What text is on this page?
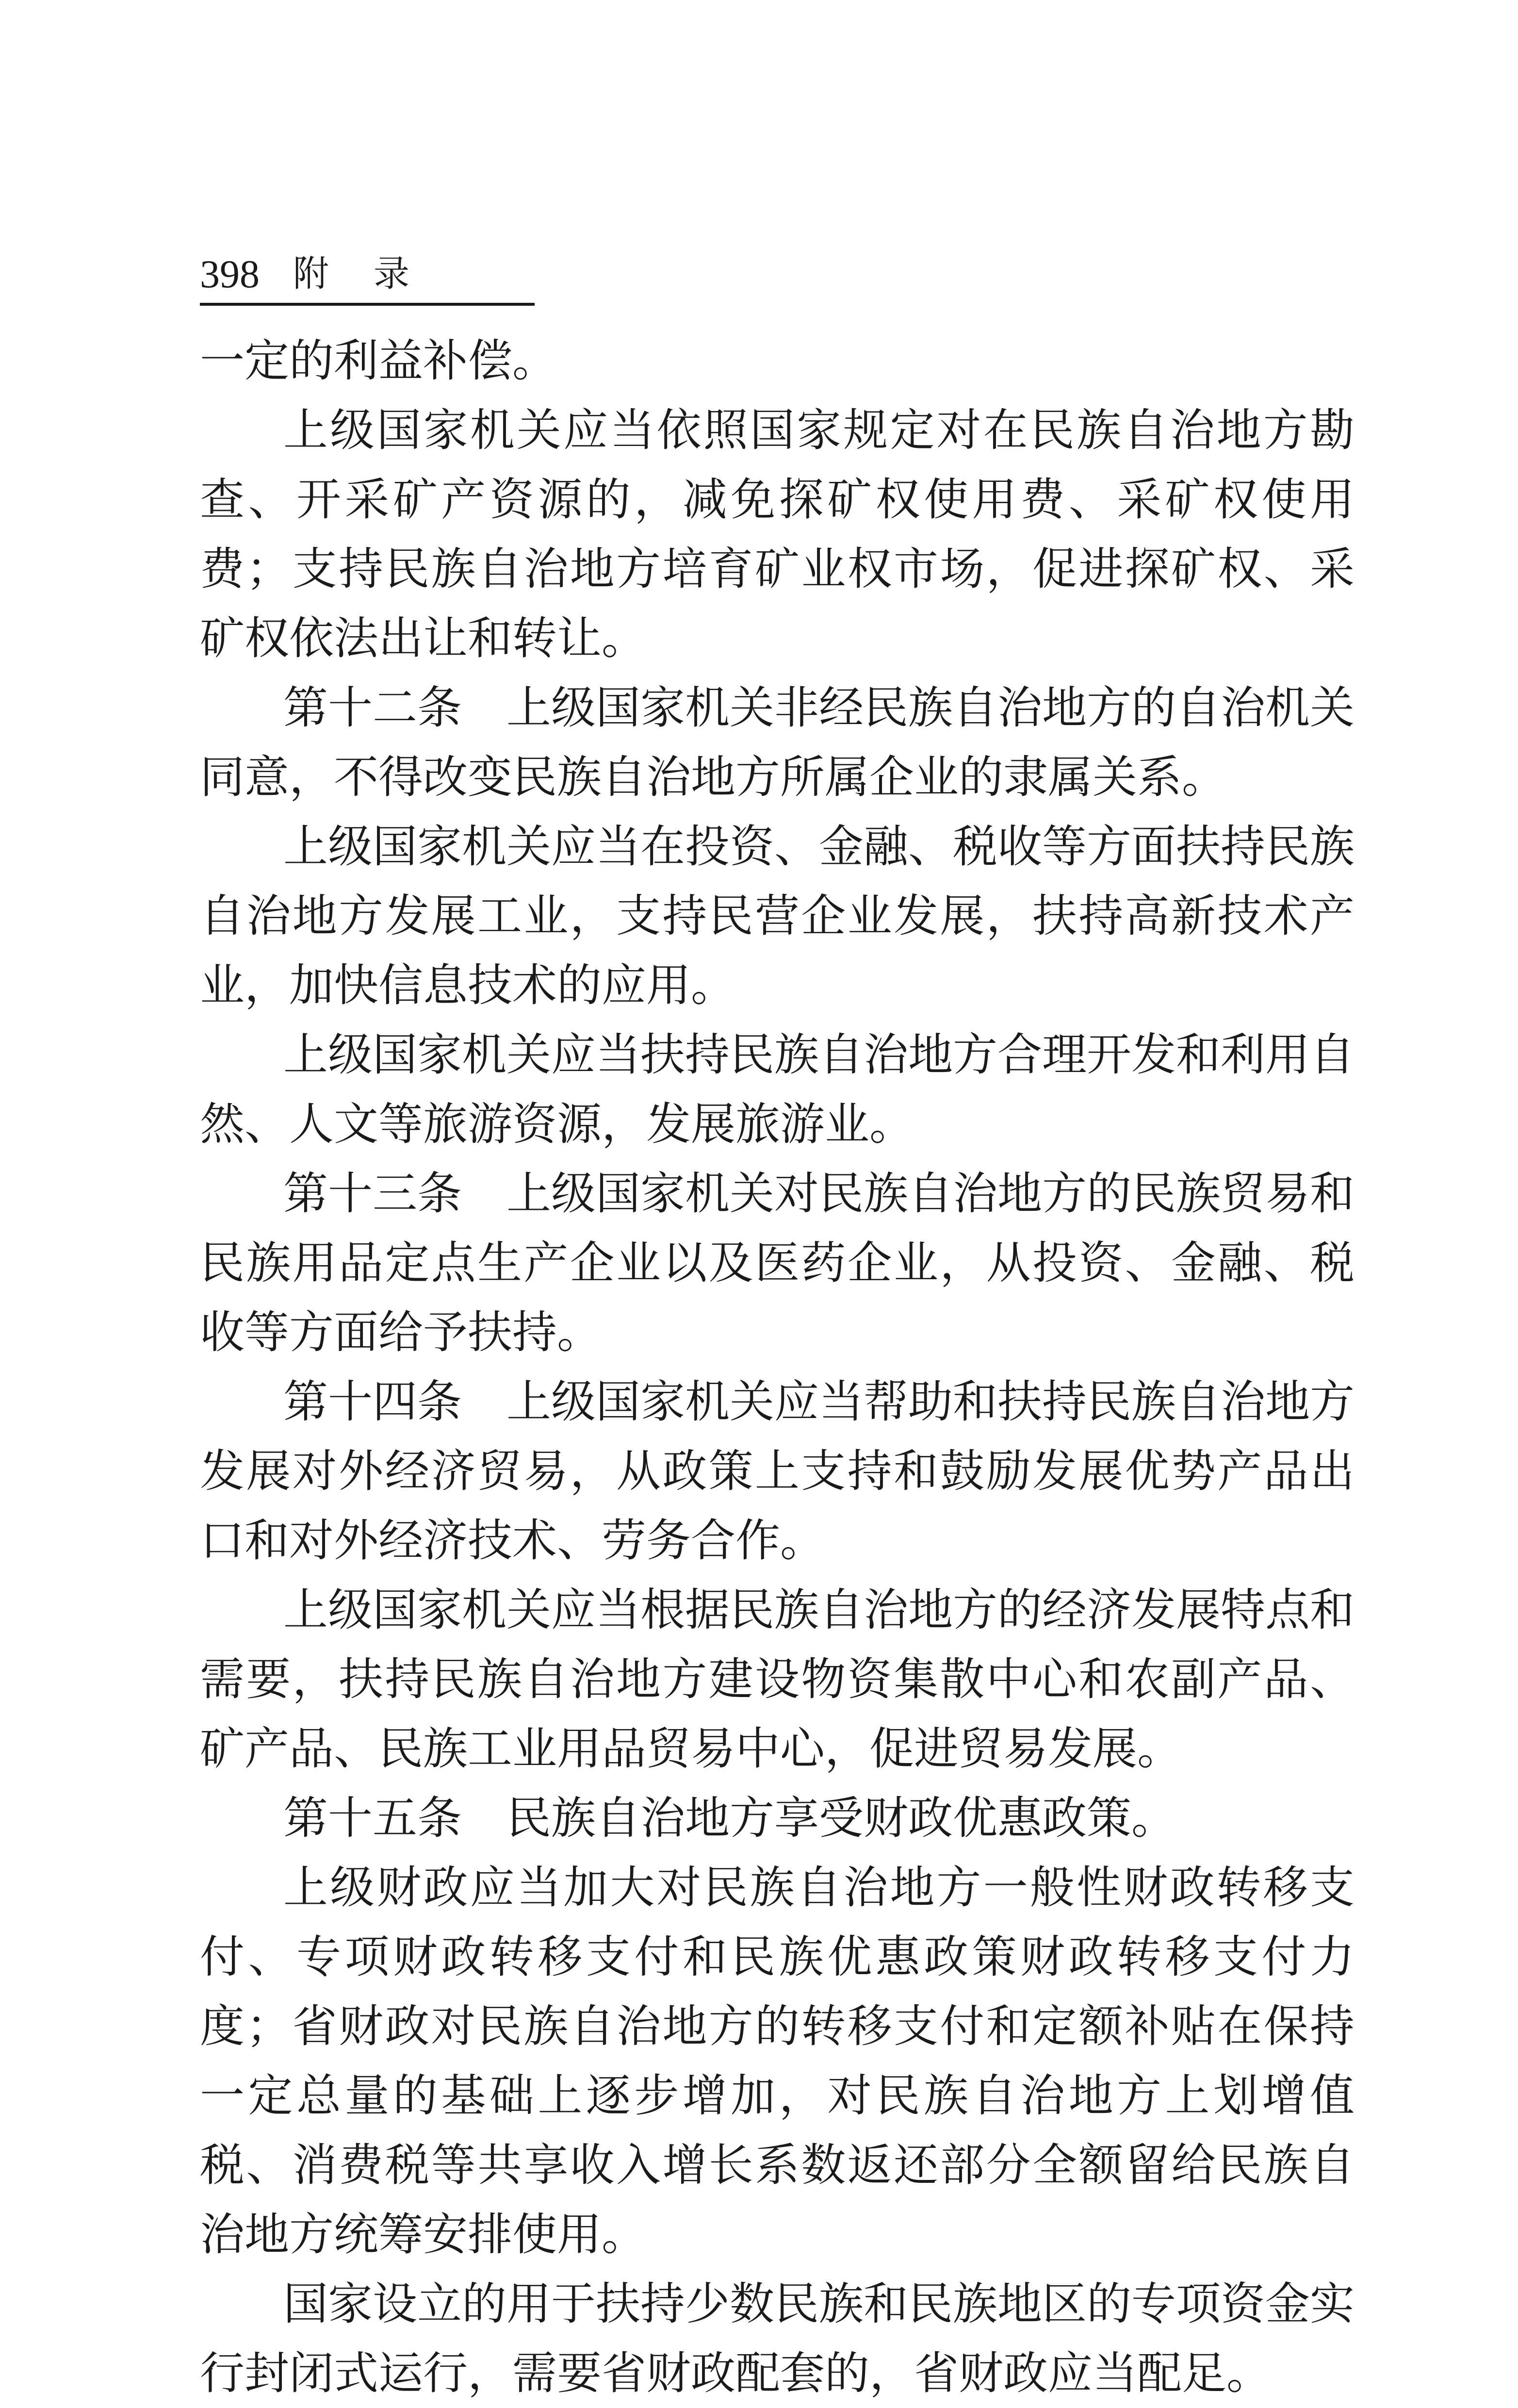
398 附 录

一定的利益补偿。

上级国家机关应当依照国家规定对在民族自治地方勘查、开采矿产资源的，减免探矿权使用费、采矿权使用费；支持民族自治地方培育矿业权市场，促进探矿权、采矿权依法出让和转让。

第十二条　上级国家机关非经民族自治地方的自治机关同意，不得改变民族自治地方所属企业的隶属关系。

上级国家机关应当在投资、金融、税收等方面扶持民族自治地方发展工业，支持民营企业发展，扶持高新技术产业，加快信息技术的应用。

上级国家机关应当扶持民族自治地方合理开发和利用自然、人文等旅游资源，发展旅游业。

第十三条　上级国家机关对民族自治地方的民族贸易和民族用品定点生产企业以及医药企业，从投资、金融、税收等方面给予扶持。

第十四条　上级国家机关应当帮助和扶持民族自治地方发展对外经济贸易，从政策上支持和鼓励发展优势产品出口和对外经济技术、劳务合作。

上级国家机关应当根据民族自治地方的经济发展特点和需要，扶持民族自治地方建设物资集散中心和农副产品、矿产品、民族工业用品贸易中心，促进贸易发展。

第十五条　民族自治地方享受财政优惠政策。

上级财政应当加大对民族自治地方一般性财政转移支付、专项财政转移支付和民族优惠政策财政转移支付力度；省财政对民族自治地方的转移支付和定额补贴在保持一定总量的基础上逐步增加，对民族自治地方上划增值税、消费税等共享收入增长系数返还部分全额留给民族自治地方统筹安排使用。

国家设立的用于扶持少数民族和民族地区的专项资金实行封闭式运行，需要省财政配套的，省财政应当配足。
